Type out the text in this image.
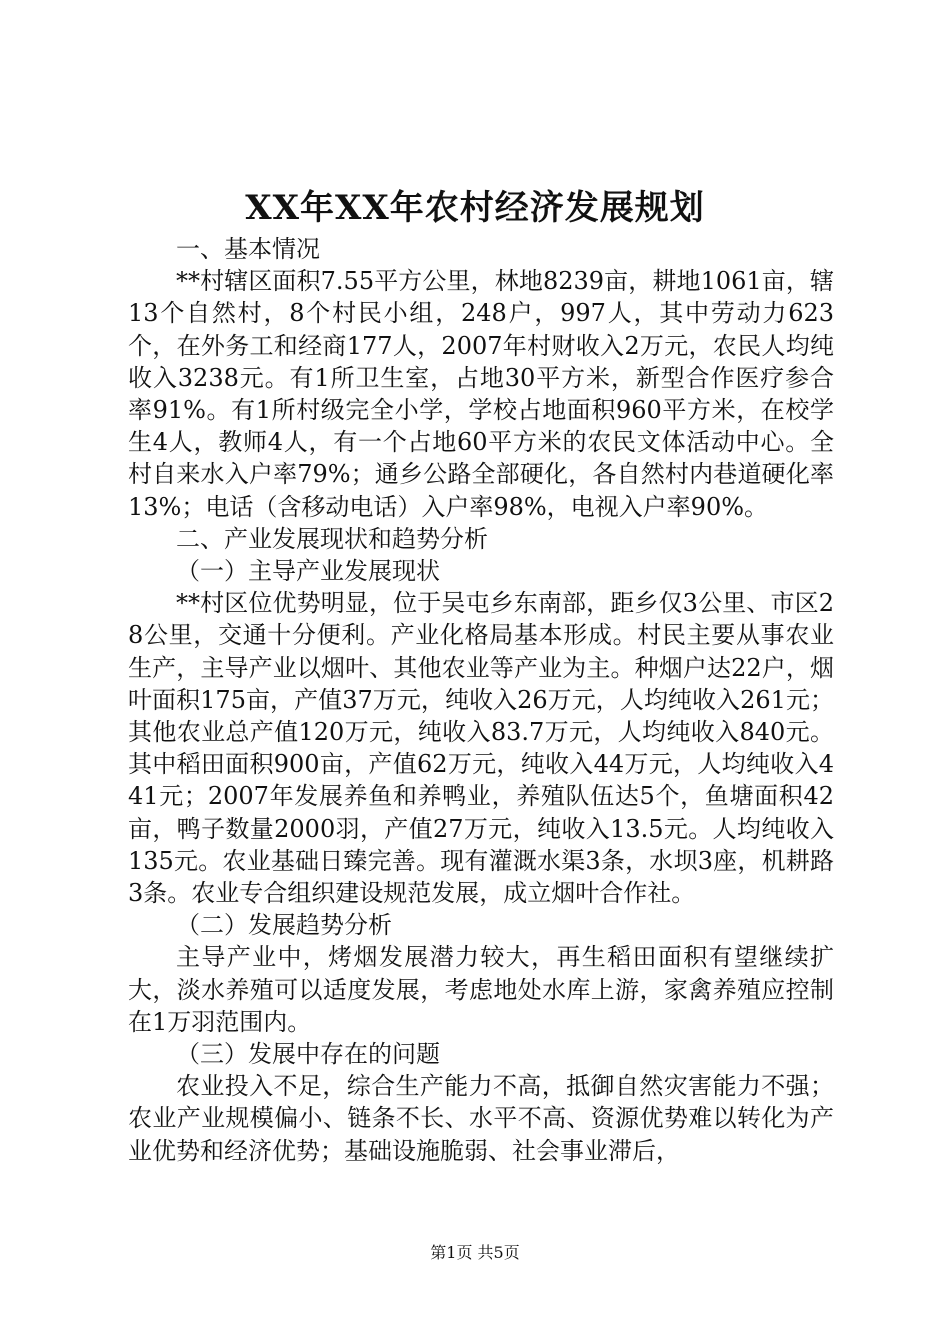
XX年XX年农村经济发展规划

一、基本情况

**村辖区面积7.55平方公里，林地8239亩，耕地1061亩，辖13个自然村，8个村民小组，248户，997人，其中劳动力623个，在外务工和经商177人，2007年村财收入2万元，农民人均纯收入3238元。有1所卫生室，占地30平方米，新型合作医疗参合率91%。有1所村级完全小学，学校占地面积960平方米，在校学生4人，教师4人，有一个占地60平方米的农民文体活动中心。全村自来水入户率79%；通乡公路全部硬化，各自然村内巷道硬化率13%；电话（含移动电话）入户率98%，电视入户率90%。

二、产业发展现状和趋势分析

（一）主导产业发展现状

**村区位优势明显，位于吴屯乡东南部，距乡仅3公里、市区28公里，交通十分便利。产业化格局基本形成。村民主要从事农业生产，主导产业以烟叶、其他农业等产业为主。种烟户达22户，烟叶面积175亩，产值37万元，纯收入26万元，人均纯收入261元；其他农业总产值120万元，纯收入83.7万元，人均纯收入840元。其中稻田面积900亩，产值62万元，纯收入44万元，人均纯收入441元；2007年发展养鱼和养鸭业，养殖队伍达5个，鱼塘面积42亩，鸭子数量2000羽，产值27万元，纯收入13.5元。人均纯收入135元。农业基础日臻完善。现有灌溉水渠3条，水坝3座，机耕路3条。农业专合组织建设规范发展，成立烟叶合作社。

（二）发展趋势分析

主导产业中，烤烟发展潜力较大，再生稻田面积有望继续扩大，淡水养殖可以适度发展，考虑地处水库上游，家禽养殖应控制在1万羽范围内。

（三）发展中存在的问题

农业投入不足，综合生产能力不高，抵御自然灾害能力不强；农业产业规模偏小、链条不长、水平不高、资源优势难以转化为产业优势和经济优势；基础设施脆弱、社会事业滞后，

第1页 共5页
